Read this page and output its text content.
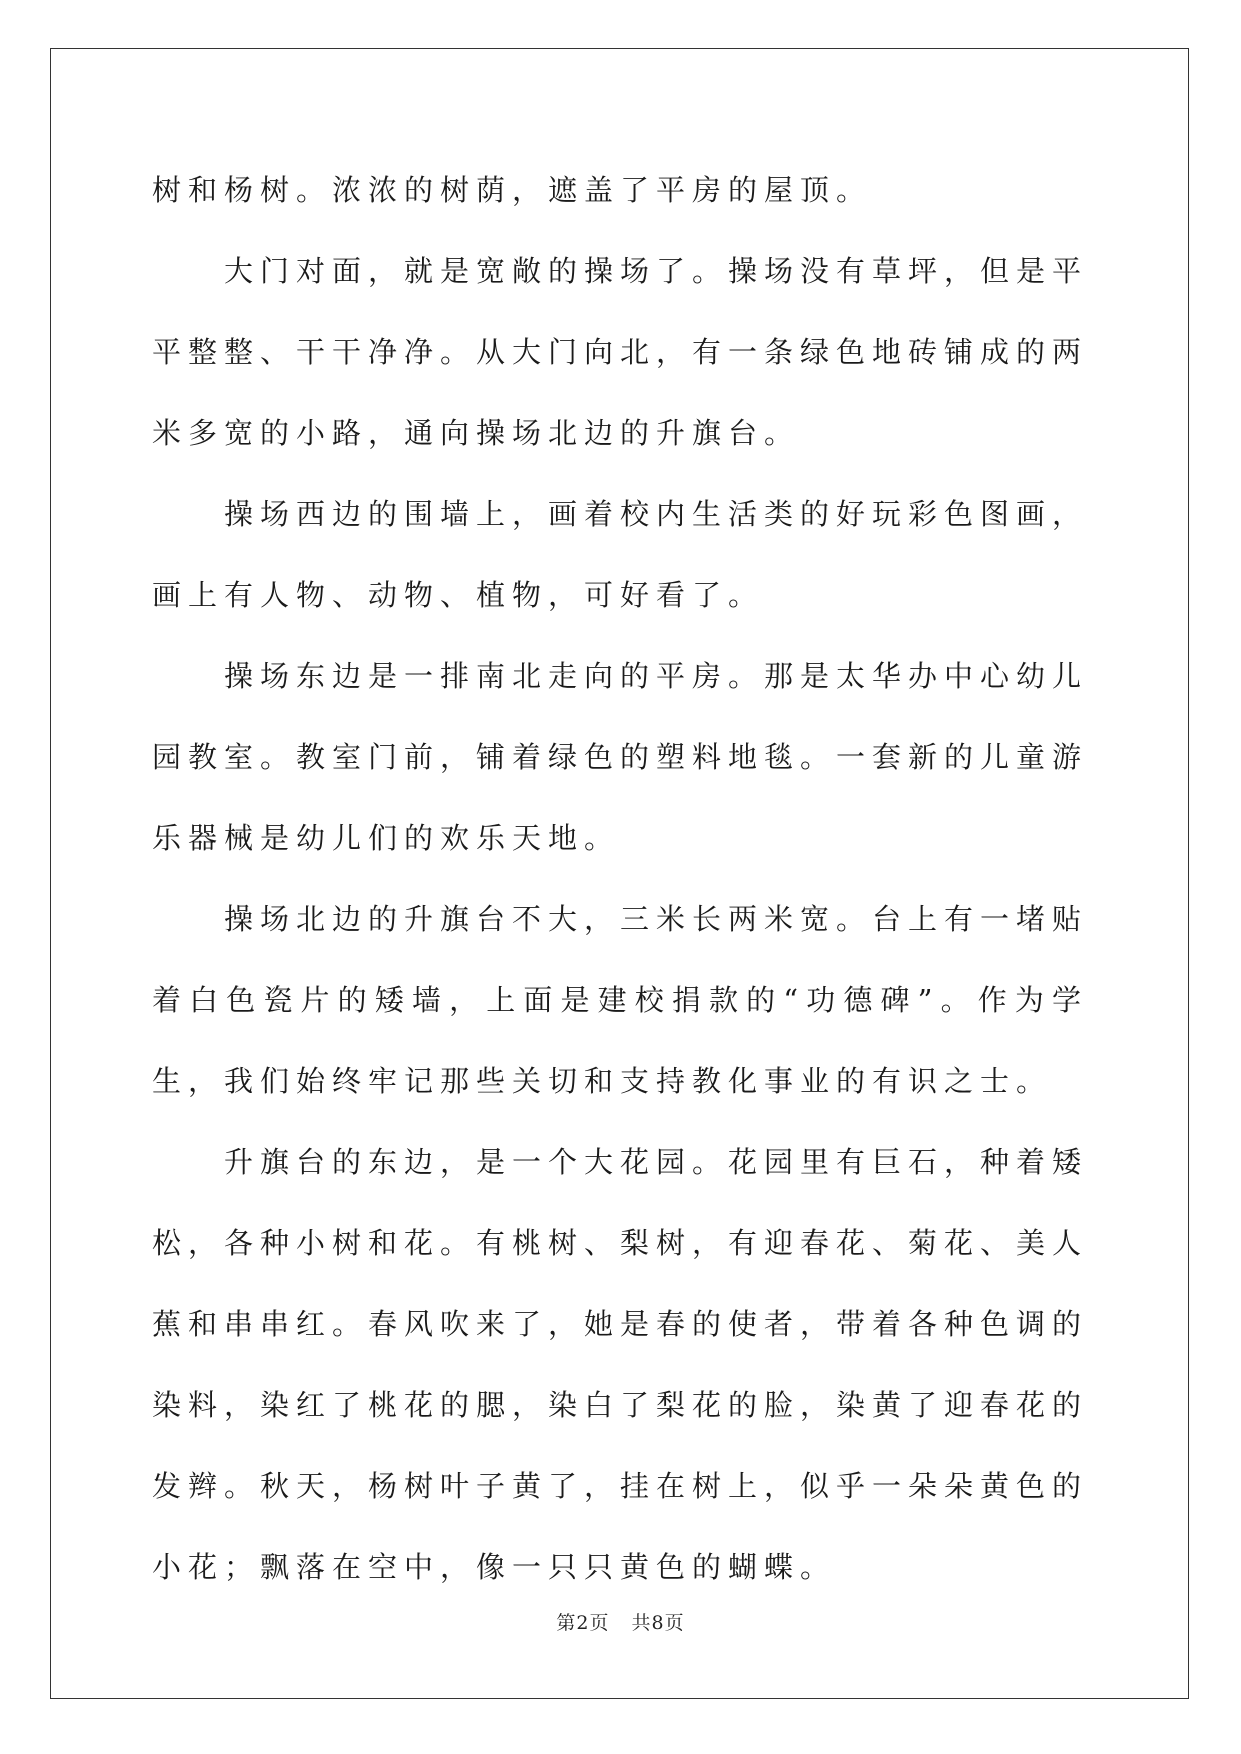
树和杨树。浓浓的树荫，遮盖了平房的屋顶。

大门对面，就是宽敞的操场了。操场没有草坪，但是平平整整、干干净净。从大门向北，有一条绿色地砖铺成的两米多宽的小路，通向操场北边的升旗台。

操场西边的围墙上，画着校内生活类的好玩彩色图画，画上有人物、动物、植物，可好看了。

操场东边是一排南北走向的平房。那是太华办中心幼儿园教室。教室门前，铺着绿色的塑料地毯。一套新的儿童游乐器械是幼儿们的欢乐天地。

操场北边的升旗台不大，三米长两米宽。台上有一堵贴着白色瓷片的矮墙，上面是建校捐款的“功德碑”。作为学生，我们始终牢记那些关切和支持教化事业的有识之士。

升旗台的东边，是一个大花园。花园里有巨石，种着矮松，各种小树和花。有桃树、梨树，有迎春花、菊花、美人蕉和串串红。春风吹来了，她是春的使者，带着各种色调的染料，染红了桃花的腮，染白了梨花的脸，染黄了迎春花的发辫。秋天，杨树叶子黄了，挂在树上，似乎一朵朵黄色的小花；飘落在空中，像一只只黄色的蝴蝶。

第2页 共8页
